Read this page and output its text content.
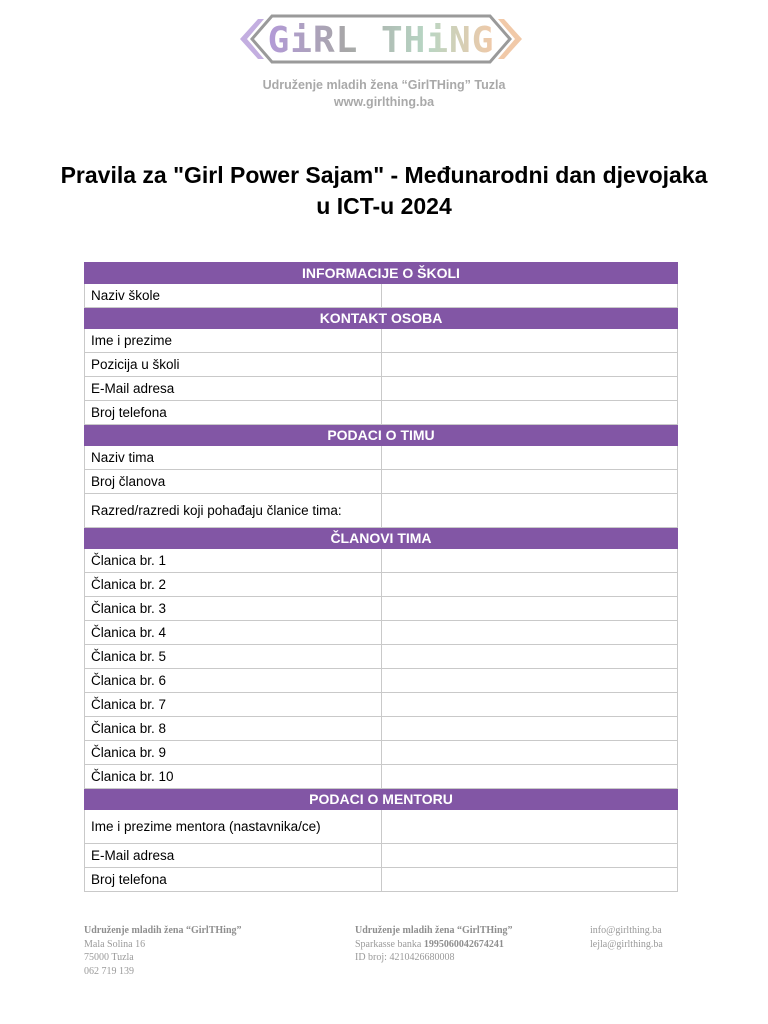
GiRL THiNG
Udruženje mladih žena “GirlTHing” Tuzla
www.girlthing.ba
Pravila za "Girl Power Sajam" - Međunarodni dan djevojaka u ICT-u 2024
INFORMACIJE O ŠKOLI	
Naziv škole	
KONTAKT OSOBA	
Ime i prezime	
Pozicija u školi	
E-Mail adresa	
Broj telefona	
PODACI O TIMU	
Naziv tima	
Broj članova	
Razred/razredi koji pohađaju članice tima:	
ČLANOVI TIMA	
Članica br. 1	
Članica br. 2	
Članica br. 3	
Članica br. 4	
Članica br. 5	
Članica br. 6	
Članica br. 7	
Članica br. 8	
Članica br. 9	
Članica br. 10	
PODACI O MENTORU	
Ime i prezime mentora (nastavnika/ce)	
E-Mail adresa	
Broj telefona	
Udruženje mladih žena “GirlTHing”
Mala Solina 16
75000 Tuzla
062 719 139
Udruženje mladih žena “GirlTHing”
Sparkasse banka 1995060042674241
ID broj: 4210426680008
info@girlthing.ba
lejla@girlthing.ba
